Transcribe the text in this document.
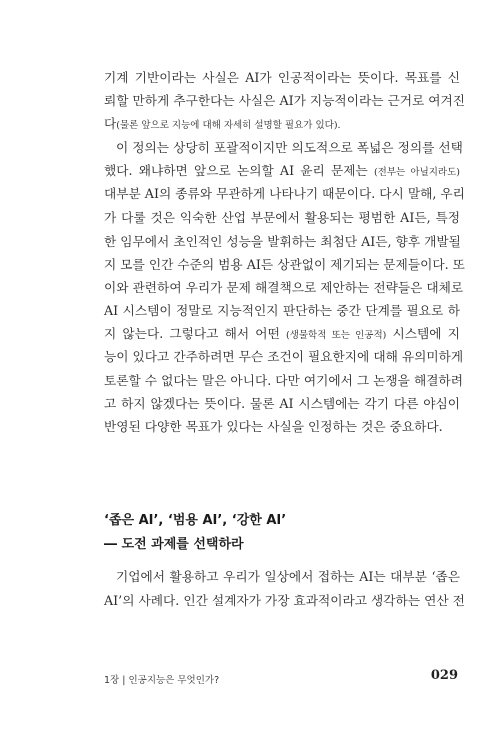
기계 기반이라는 사실은 AI가 인공적이라는 뜻이다. 목표를 신

뢰할 만하게 추구한다는 사실은 AI가 지능적이라는 근거로 여겨진

다(물론 앞으로 지능에 대해 자세히 설명할 필요가 있다).

이 정의는 상당히 포괄적이지만 의도적으로 폭넓은 정의를 선택

했다. 왜냐하면 앞으로 논의할 AI 윤리 문제는 (전부는 아닐지라도)

대부분 AI의 종류와 무관하게 나타나기 때문이다. 다시 말해, 우리

가 다룰 것은 익숙한 산업 부문에서 활용되는 평범한 AI든, 특정

한 임무에서 초인적인 성능을 발휘하는 최첨단 AI든, 향후 개발될

지 모를 인간 수준의 범용 AI든 상관없이 제기되는 문제들이다. 또

이와 관련하여 우리가 문제 해결책으로 제안하는 전략들은 대체로

AI 시스템이 정말로 지능적인지 판단하는 중간 단계를 필요로 하

지 않는다. 그렇다고 해서 어떤 (생물학적 또는 인공적) 시스템에 지

능이 있다고 간주하려면 무슨 조건이 필요한지에 대해 유의미하게

토론할 수 없다는 말은 아니다. 다만 여기에서 그 논쟁을 해결하려

고 하지 않겠다는 뜻이다. 물론 AI 시스템에는 각기 다른 야심이

반영된 다양한 목표가 있다는 사실을 인정하는 것은 중요하다.

‘좁은 AI’, ‘범용 AI’, ‘강한 AI’

― 도전 과제를 선택하라

기업에서 활용하고 우리가 일상에서 접하는 AI는 대부분 ‘좁은

AI’의 사례다. 인간 설계자가 가장 효과적이라고 생각하는 연산 전

1장 | 인공지능은 무엇인가?	029
